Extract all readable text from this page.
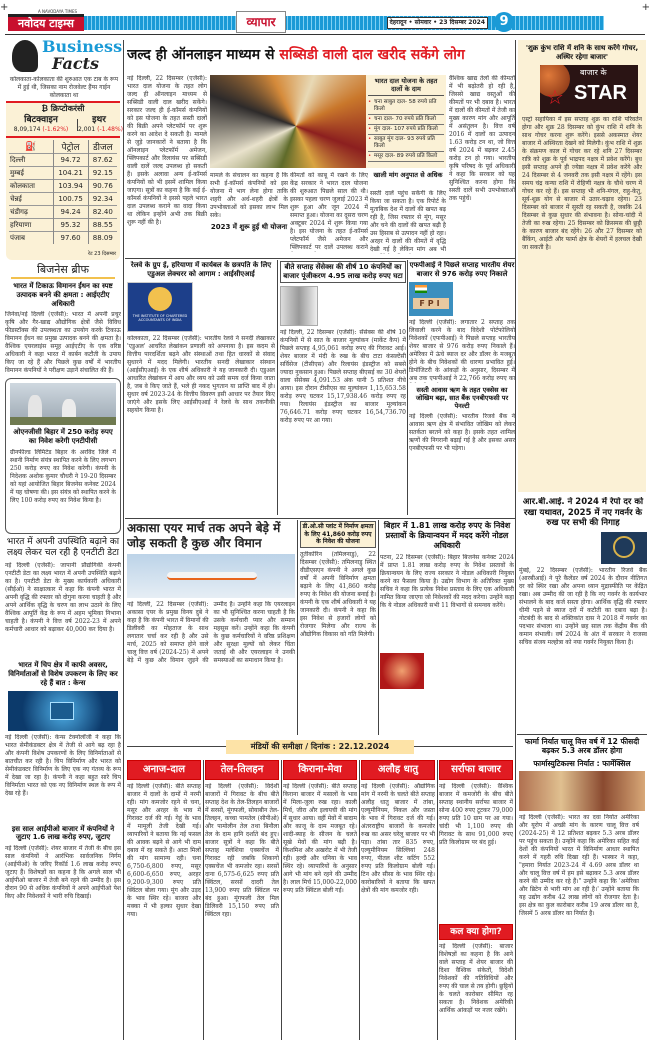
+	+
A NAVODAYA TIMES
नवोदय टाइम्स	व्यापार	देहरादून • सोमवार • 23 दिसम्बर 2024	9
Business
Facts
कोलकाता-कोलकाता की शुरुआत एक टाब के रूप में हुई थी, जिसका नाम रोजवेल्ट हैंग्स गाईन कोलकाता था
₿ क्रिप्टोकरंसी
बिटक्वाइन
8,09,174 (-1.62%)
इथर
2,001 (-1.48%)
⛽	पेट्रोल	डीजल
दिल्ली	94.72	87.62
मुम्बई	104.21	92.15
कोलकाता	103.94	90.76
चेन्नई	100.75	92.34
चंडीगढ़	94.24	82.40
हरियाणा	95.32	88.55
पंजाब	97.60	88.09
रेट 23 दिसम्बर
बिजनेस ब्रीफ
भारत में टिकाऊ विमानन ईंधन का स्पष्ट उत्पादक बनने की क्षमता : आईएटीए अधिकारी
जिनेवा/नई दिल्ली (एजेंसी): भारत में अपनी प्रचुर कृषि और गैर-खाद्य औद्योगिक क्षेत्रों जैसे विविध फीडस्टॉक्स की उपलब्धता का उपयोग करके टिकाऊ विमानन ईंधन का प्रमुख उत्पादक बनने की क्षमता है। वैश्विक एयरलाइंस समूह आईएटीए के एक वरिष्ठ अधिकारी ने कहा भारत में कार्बन कटौती के उपाय किए जा रहे हैं और पिछले कुछ वर्षों में भारतीय विमानन कंपनियों ने परीक्षण उड़ानें संचालित की हैं।
ओएनजीसी बिहार में 250 करोड़ रुपए का निवेश करेगी एनटीपीसी
ग्रीनफील्ड लिमिटेड बिहार के अरविंद जिले में स्थानी निर्माण संयंत्र स्थापित करने के लिए लगभग 250 करोड़ रुपए का निवेश करेगी। कंपनी के निदेशक अशोक कुमार चौधरी ने 19-20 दिसम्बर को यहां आयोजित बिहार बिजनेस कनेक्ट 2024 में यह घोषणा की। इस संयंत्र को स्थापित करने के लिए 100 करोड़ रुपए का निवेश किया है।
भारत में अपनी उपस्थिति बढ़ाने का लक्ष्य लेकर चल रही है एनटीटी डेटा
नई दिल्ली (एजेंसी): जापानी प्रौद्योगिकी कंपनी एनटीटी डेटा का लक्ष्य भारत में अपनी उपस्थिति बढ़ाने का है। एनटीटी डेटा के मुख्य कार्यकारी अधिकारी (सीईओ) ने साक्षात्कार में कहा कि कंपनी भारत में अपनी वृद्धि की रफ्तार को दोगुना करना चाहती है और अपने आर्थिक वृद्धि के चरण का लाभ उठाने के लिए वैश्विक आपूर्ति केंद्र के रूप में अहम भूमिका निभाना चाहती है। कंपनी ने वित्त वर्ष 2022-23 में अपने कर्मचारी आधार को बढ़ाकर 40,000 कर दिया है।
भारत में चिप क्षेत्र में काफी अवसर, विनिर्माताओं से विशेष उपकरण के लिए कर रहे हैं बात : केन्स
नई दिल्ली (एजेंसी): केन्स टेक्नोलॉजी ने कहा कि भारत सेमीकंडक्टर क्षेत्र में तेजी से आगे बढ़ रहा है और कंपनी विशेष उपकरणों के लिए विनिर्माताओं से बातचीत कर रही है। चिप विनिर्माण और भारत को सेमीकंडक्टर विनिर्माण के लिए एक नए गंतव्य के रूप में देखा जा रहा है। कंपनी ने कहा बहुत सारे चिप विनिर्माता भारत को एक नए विनिर्माण स्थल के रूप में देख रहे हैं।
इस साल आईपीओ बाजार में कंपनियों ने जुटाए 1.6 लाख करोड़ रुपए, जुटाए
नई दिल्ली (एजेंसी): शेयर बाजार में तेजी के बीच इस साल कंपनियों ने आरंभिक सार्वजनिक निर्गम (आईपीओ) के जरिए रिकॉर्ड 1.6 लाख करोड़ रुपए जुटाए हैं। विशेषज्ञों का कहना है कि अगले साल भी आईपीओ बाजार में तेजी बने रहने की उम्मीद है। इस दौरान 90 से अधिक कंपनियों ने अपने आईपीओ पेश किए और निवेशकों ने भारी रुचि दिखाई।
जल्द ही ऑनलाइन माध्यम से सब्सिडी वाली दाल खरीद सकेंगे लोग
नई दिल्ली, 22 दिसम्बर (एजेंसी): भारत दाल योजना के तहत लोग जल्द ही ऑनलाइन माध्यम से सब्सिडी वाली दाल खरीद सकेंगे। सरकार जल्द ही ई-कॉमर्स कंपनियों को इस योजना के तहत सस्ती दालों की बिक्री अपने प्लेटफॉर्म पर शुरू करने का आदेश दे सकती है। मामले से जुड़े जानकारों ने बताया है कि ऑनलाइन प्लेटफॉर्म अमेजन, फ्लिपकार्ट और रिलायंस पर सब्सिडी वाली दालें जल्द उपलब्ध हो सकती हैं। इसके अलावा अन्य ई-कॉमर्स कंपनियों को भी इसमें शामिल किया जाएगा। सूत्रों का कहना है कि कई ई-कॉमर्स कंपनियों ने इससे पहले भारत दाल उपलब्ध कराने का वादा किया था लेकिन इन्होंने अभी तक बिक्री शुरू नहीं की है।
भारत दाल योजना के तहत दालों के दाम
• चना साबुत दाल- 58 रुपये प्रति किलो
• चना दाल- 70 रुपये प्रति किलो
• मूंग दाल- 107 रुपये प्रति किलो
• साबुत मूंग दाल- 93 रुपये प्रति किलो
• मसूर दाल- 89 रुपये प्रति किलो
वैश्विक खाद्य तेलों की कीमतों में भी बढ़ोतरी हो रही है, जिससे खाद्य वस्तुओं की कीमतों पर भी दबाव है। भारत में दालों की कीमतों में तेजी का मुख्य कारण मांग और आपूर्ति में असंतुलन है। वित्त वर्ष 2016 में दालों का उत्पादन 1.63 करोड़ टन था, जो वित्त वर्ष 2024 में बढ़कर 2.45 करोड़ टन हो गया। भारतीय कृषि परिषद के पूर्व अधिकारी ने कहा कि सरकार को यह सुनिश्चित करना होगा कि सस्ती दालें सभी उपभोक्ताओं तक पहुंचें।
मामले के संचालन का कहना है कि सभी ई-कॉमर्स कंपनियों को इस योजना में भाग लेना होगा ताकि शहरी और अर्ध-शहरी क्षेत्रों के उपभोक्ताओं को इसका लाभ मिल सके।
2023 में शुरू हुई थी योजना
कीमतों को काबू में रखने के लिए केंद्र सरकार ने भारत दाल योजना की शुरुआत पिछले साल की थी। इसका पहला चरण जुलाई 2023 में शुरू हुआ और जून 2024 में समाप्त हुआ। योजना का दूसरा चरण अक्टूबर 2024 में शुरू किया गया है। इस योजना के तहत ई-कॉमर्स प्लेटफॉर्म जैसे अमेजन और फ्लिपकार्ट पर दालें उपलब्ध कराने
खाली मांग अनुपात से अधिक
सस्ती दालें पहुंच सकेंगी के लिए किया जा सकता है। एक रिपोर्ट के मुताबिक देश में दालों की खपत बढ़ रही है, जिस रफ्तार से मूंग, मसूर और चने की दालों की खपत बढ़ी है उस हिसाब से उत्पादन नहीं हो रहा। अरहर में दालों की कीमतें में वृद्धि देखी गई है लेकिन मांग अब भी
रेलवे के ग्रुप ई, हरियाणा में कार्यबल के छत्रपति के लिए एडुअल लेक्चरर को आगाम : आईसीएआई
THE INSTITUTE OF CHARTERED ACCOUNTANTS OF INDIA
कोलकाता, 22 दिसम्बर (एजेंसी): भारतीय रेलवे ने सनदी लेखाकार 'एडुअल' आचरित लेखांकन प्रणाली को अपनाया है। इस कदम से वित्तीय पारदर्शिता बढ़ने और संस्थाओं तथा हित धारकों से संवाद सुधारने में मदद मिलेगी। भारतीय सनदी लेखाकार संस्थान (आईसीएआई) के एक शीर्ष अधिकारी ने यह जानकारी दी। एडुअल आधारित लेखांकन में आय और व्यय को उसी समय दर्ज किया जाता है, जब वे किए जाते हैं, भले ही नकद भुगतान या प्राप्ति बाद में हो। सुधार वर्ष 2023-24 के वित्तीय विवरण इसी आधार पर तैयार किए जाएंगे और इसके लिए आईसीएआई ने रेलवे के साथ तकनीकी सहयोग किया है।
बीते सप्ताह सेंसेक्स की शीर्ष 10 कंपनियों का बाजार पूंजीकरण 4.95 लाख करोड़ रुपए घटा
नई दिल्ली, 22 दिसम्बर (एजेंसी): सेंसेक्स की शीर्ष 10 कंपनियों में से सात के बाजार मूल्यांकन (मार्केट कैप) में पिछले सप्ताह 4,95,061 करोड़ रुपए की गिरावट आई। शेयर बाजार में मंदी के रुख के बीच टाटा कंसल्टेंसी सर्विसेज (टीसीएस) और रिलायंस इंडस्ट्रीज को सबसे ज्यादा नुकसान हुआ। पिछले सप्ताह बीएसई का 30 शेयरों वाला सेंसेक्स 4,091.53 अंक यानी 5 प्रतिशत नीचे आया। इस दौरान टीसीएस का मूल्यांकन 1,15,653.58 करोड़ रुपए घटकर 15,17,938.46 करोड़ रुपए रह गया। रिलायंस इंडस्ट्रीज का बाजार मूल्यांकन 76,646.71 करोड़ रुपए घटकर 16,54,736.70 करोड़ रुपए पर आ गया।
एफपीआई ने पिछले सप्ताह भारतीय शेयर बाजार से 976 करोड़ रुपए निकाले
FPI
नई दिल्ली (एजेंसी): लगातार 2 सप्ताह तक लिवाली करने के बाद विदेशी पोर्टफोलियो निवेशकों (एफपीआई) ने पिछले सप्ताह भारतीय शेयर बाजार से 976 करोड़ रुपए निकाले हैं। अमेरिका में ऊंचे ब्याज दर और डॉलर के मजबूत होने के बीच निवेशकों की धारणा प्रभावित हुई। डिपॉजिटरी के आंकड़ों के अनुसार, दिसम्बर में अब तक एफपीआई ने 22,766 करोड़ रुपए का
सस्ती आवास ऋण के तहत एक्सेस का जोखिम बढ़ा, सात बैंक एनबीएफसी पर पेनल्टी
नई दिल्ली (एजेंसी): भारतीय रिजर्व बैंक ने आवास ऋण क्षेत्र में संभावित जोखिम को लेकर सतर्कता बरतने को कहा है। इसके तहत शामिल ऋणों की निगरानी बढ़ाई गई है और इसका असर एनबीएफसी पर भी पड़ेगा।
अकासा एयर मार्च तक अपने बेड़े में जोड़ सकती है कुछ और विमान
नई दिल्ली, 22 दिसम्बर (एजेंसी): अकासा एयर के प्रमुख विनय दुबे ने कहा है कि कंपनी भारत में विमानों की डिलीवरी का मोहताज के साथ लगातार चर्चा कर रही है और उसे मार्च, 2025 को समाप्त होने वाले चालू वित्त वर्ष (2024-25) में अपने बेड़े में कुछ और विमान जुड़ने की उम्मीद है। उन्होंने कहा कि एयरलाइन का भी सुनिश्चित करना चाहती है कि उसके कर्मचारी प्यार और सम्मान महसूस करें। उन्होंने कहा कि कंपनी के कुछ कर्मचारियों ने वरिष्ठ प्रशिक्षण और सुरक्षा मूल्यों को लेकर चिंता जताई थी और एयरलाइन ने उनकी समस्याओं का समाधान किया है।
डी.ओ.सी प्लांट में निर्माण क्षमता के लिए 41,860 करोड़ रुपए के निवेश की योजना
तूतीकोरिन (तमिलनाडु), 22 दिसम्बर (एजेंसी): तमिलनाडु स्थित वीडीएसएन कंपनी ने अगले कुछ वर्षों में अपनी विनिर्माण क्षमता बढ़ाने के लिए 41,860 करोड़ रुपए के निवेश की योजना बनाई है। कंपनी के एक शीर्ष अधिकारी ने यह जानकारी दी। कंपनी ने कहा कि इस निवेश से हजारों लोगों को रोजगार मिलेगा और राज्य के औद्योगिक विकास को गति मिलेगी।
बिहार में 1.81 लाख करोड़ रुपए के निवेश प्रस्तावों के क्रियान्वयन में मदद करेंगे नोडल अधिकारी
पटना, 22 दिसम्बर (एजेंसी): बिहार बिजनेस कनेक्ट 2024 में प्राप्त 1.81 लाख करोड़ रुपए के निवेश प्रस्तावों के क्रियान्वयन के लिए राज्य सरकार ने नोडल अधिकारी नियुक्त करने का फैसला किया है। उद्योग विभाग के अतिरिक्त मुख्य सचिव ने कहा कि प्रत्येक निवेश प्रस्ताव के लिए एक अधिकारी नामित किया जाएगा जो निवेशकों की मदद करेगा। उन्होंने कहा कि ये नोडल अधिकारी सभी 11 विभागों से समन्वय करेंगे।
मंडियों की समीक्षा / दिनांक : 22.12.2024
अनाज-दाल
नई दिल्ली (एजेंसी): बीते सप्ताह बाजार में दालों के दामों में नरमी रही। मांग कमजोर रहने से चना, मसूर और अरहर के भाव में गिरावट दर्ज की गई। गेहूं के भाव में मामूली तेजी देखी गई। व्यापारियों ने बताया कि नई फसल की आवक बढ़ने से आगे भी दाम दबाव में रह सकते हैं। आटा मिलों की मांग सामान्य रही। चना 6,750-6,800 रुपए, मसूर 6,600-6,650 रुपए, अरहर 9,200-9,300 रुपए प्रति क्विंटल बोला गया। मूंग और उड़द के भाव स्थिर रहे। बाजरा और मक्का में भी हल्का सुधार देखा गया।
तेल-तिलहन
नई दिल्ली (एजेंसी): विदेशी बाजारों में गिरावट के बीच बीते सप्ताह देश के तेल-तिलहन बाजारों में सरसों, मूंगफली, सोयाबीन तेल-तिलहन, कच्चा पामतेल (सीपीओ) और पामोलीन तेल तथा बिनौला तेल के दाम हानि दर्शाते बंद हुए। बाजार सूत्रों ने कहा कि बीते सप्ताह मलेशिया एक्सचेंज में गिरावट रही जबकि शिकागो एक्सचेंज भी कमजोर रहा। सरसों दाना 6,575-6,625 रुपए प्रति क्विंटल, सरसों दादरी तेल 13,900 रुपए प्रति क्विंटल पर बंद हुआ। मूंगफली तेल मिल डिलिवरी 15,150 रुपए प्रति क्विंटल रहा।
किराना-मेवा
नई दिल्ली (एजेंसी): बीते सप्ताह किराना बाजार में मसालों के भाव में मिला-जुला रुख रहा। काली मिर्च, जीरा और इलायची की मांग में सुधार आया। वहीं मेवों में बादाम और काजू के दाम मजबूत रहे। शादी-ब्याह के सीजन के चलते सूखे मेवों की मांग बढ़ी है। किशमिश और अखरोट में भी तेजी रही। हल्दी और धनिया के भाव स्थिर रहे। व्यापारियों के अनुसार आगे भी मांग बने रहने की उम्मीद है। लाल मिर्च 15,000-22,000 रुपए प्रति क्विंटल बोली गई।
अलौह धातु
नई दिल्ली (एजेंसी): औद्योगिक मांग में नरमी के चलते बीते सप्ताह अलौह धातु बाजार में तांबा, एल्युमीनियम, निकल और जस्ता के भाव में गिरावट दर्ज की गई। अंतरराष्ट्रीय बाजारों के कमजोर रुख का असर घरेलू बाजार पर भी पड़ा। तांबा तार 835 रुपए, एल्युमीनियम सिल्लियां 248 रुपए, पीतल शीट कटिंग 552 रुपए प्रति किलोग्राम बोली गई। टिन और सीसा के भाव स्थिर रहे। कारोबारियों ने बताया कि खपत क्षेत्रों की मांग कमजोर रही।
सर्राफा बाजार
नई दिल्ली (एजेंसी): वैश्विक बाजार में कमजोरी के बीच बीते सप्ताह स्थानीय सर्राफा बाजार में सोना 400 रुपए टूटकर 79,000 रुपए प्रति 10 ग्राम पर आ गया। चांदी भी 1,100 रुपए की गिरावट के साथ 91,000 रुपए प्रति किलोग्राम पर बंद हुई।
कल क्या होगा?
नई दिल्ली (एजेंसी): बाजार विशेषज्ञों का कहना है कि आने वाले सप्ताह में शेयर बाजार की दिशा वैश्विक संकेतों, विदेशी निवेशकों की गतिविधियों और रुपए की चाल से तय होगी। छुट्टियों के चलते कारोबार सीमित रह सकता है। निवेशक अमेरिकी आर्थिक आंकड़ों पर नजर रखेंगे।
'शुक्र कुंभ राशि में शनि के साथ करेंगे गोचर, अस्थिर रहेगा बाजार'
बाजार के
STAR
☆
एस्ट्रो सहायिका में इस सप्ताह शुक्र का राशि परिवर्तन होगा और शुक्र 28 दिसम्बर को कुंभ राशि में शनि के साथ गोचर करना शुरू करेंगे। इससे अकस्मात शेयर बाजार में अस्थिरता देखने को मिलेगी। कुंभ राशि में शुक्र के संक्रमण काल में गोचर कर रहे शनि 27 दिसम्बर रात्रि को शुक्र के पूर्व भाद्रपद नक्षत्र में प्रवेश करेंगे। बुध इसी सप्ताह अपने ही ज्येष्ठा नक्षत्र में प्रवेश करेंगे और 24 दिसम्बर से 4 जनवरी तक इसी नक्षत्र में रहेंगे। इस समय चंद्र कन्या राशि में रोहिणी नक्षत्र के चौथे चरण में गोचर कर रहे हैं। इस सप्ताह भी शनि-मंगल, राहु-केतु, सूर्य-शुक्र योग से बाजार में उतार-चढ़ाव रहेगा। 23 दिसम्बर को बाजार में सुस्ती रह सकती है, जबकि 24 दिसम्बर से कुछ सुधार की संभावना है। सोना-चांदी में तेजी का रुख रहेगा। 25 दिसम्बर को क्रिसमस की छुट्टी के कारण बाजार बंद रहेंगे। 26 और 27 दिसम्बर को बैंकिंग, आईटी और फार्मा क्षेत्र के शेयरों में हलचल देखी जा सकती है।
आर.बी.आई. ने 2024 में रेपो दर को रखा यथावत, 2025 में नए गवर्नर के रुख पर सभी की निगाह
मुंबई, 22 दिसम्बर (एजेंसी): भारतीय रिजर्व बैंक (आरबीआई) ने पूरे कैलेंडर वर्ष 2024 के दौरान नीतिगत दर को स्थिर रखा और अपना ध्यान मुद्रास्फीति पर केंद्रित रखा। अब उम्मीद की जा रही है कि नए गवर्नर के कार्यभार संभालने के बाद कर्ज सस्ता होगा। आर्थिक वृद्धि की रफ्तार धीमी पड़ने से ब्याज दरों में कटौती का दबाव बढ़ा है। नोटबंदी के बाद से शक्तिकांत दास ने 2018 में गवर्नर का पदभार संभाला था। उन्होंने छह साल तक केंद्रीय बैंक की कमान संभाली। वर्ष 2024 के अंत में सरकार ने राजस्व सचिव संजय मल्होत्रा को नया गवर्नर नियुक्त किया है।
फार्मा निर्यात चालू वित्त वर्ष में 12 फीसदी बढ़कर 5.3 अरब डॉलर होगा
फार्मास्युटिकल्स निर्यात : फार्मेक्सिल
नई दिल्ली (एजेंसी): भारत का दवा निर्यात अमेरिका और यूरोप में अच्छी मांग के कारण चालू वित्त वर्ष (2024-25) में 12 प्रतिशत बढ़कर 5.3 अरब डॉलर पर पहुंच सकता है। उन्होंने कहा कि अमेरिका सहित कई देशों की कंपनियों भारत में विनिर्माण आधार स्थापित करने में गहरी रुचि दिखा रही हैं। भास्कर ने कहा, "हमारा निर्यात 2023-24 में 4.69 अरब डॉलर था और चालू वित्त वर्ष में हम इसे बढ़ाकर 5.3 अरब डॉलर करने की उम्मीद कर रहे हैं।" उन्होंने कहा कि 'अमेरिका और ब्रिटेन से भारी मांग आ रही है।' उन्होंने बताया कि यह उद्योग करीब 42 लाख लोगों को रोजगार देता है। इस क्षेत्र का कुल कारोबार करीब 19 अरब डॉलर का है, जिसमें 5 अरब डॉलर का निर्यात है।
